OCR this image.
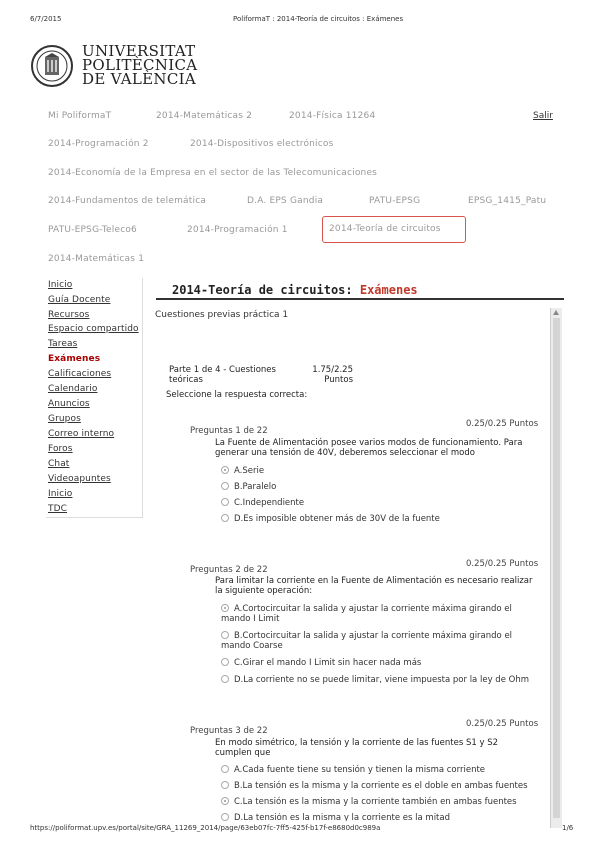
6/7/2015	PoliformaT : 2014-Teoría de circuitos : Exámenes
UNIVERSITAT
POLITÈCNICA
DE VALÈNCIA
Mi PoliformaT	2014-Matemáticas 2	2014-Física 11264	Salir
2014-Programación 2	2014-Dispositivos electrónicos
2014-Economía de la Empresa en el sector de las Telecomunicaciones
2014-Fundamentos de telemática	D.A. EPS Gandia	PATU-EPSG	EPSG_1415_Patu
PATU-EPSG-Teleco6	2014-Programación 1	2014-Teoría de circuitos
2014-Matemáticas 1
Inicio
Guía Docente
Recursos
Espacio compartido
Tareas
Exámenes
Calificaciones
Calendario
Anuncios
Grupos
Correo interno
Foros
Chat
Videoapuntes
Inicio
TDC
2014-Teoría de circuitos: Exámenes
Cuestiones previas práctica 1
Parte 1 de 4 - Cuestiones
teóricas
1.75/2.25
Puntos
Seleccione la respuesta correcta:
Preguntas 1 de 22
0.25/0.25 Puntos
La Fuente de Alimentación posee varios modos de funcionamiento. Para generar una tensión de 40V, deberemos seleccionar el modo
A.Serie
B.Paralelo
C.Independiente
D.Es imposible obtener más de 30V de la fuente
Preguntas 2 de 22
0.25/0.25 Puntos
Para limitar la corriente en la Fuente de Alimentación es necesario realizar la siguiente operación:
A.Cortocircuitar la salida y ajustar la corriente máxima girando el mando I Limit
B.Cortocircuitar la salida y ajustar la corriente máxima girando el mando Coarse
C.Girar el mando I Limit sin hacer nada más
D.La corriente no se puede limitar, viene impuesta por la ley de Ohm
Preguntas 3 de 22
0.25/0.25 Puntos
En modo simétrico, la tensión y la corriente de las fuentes S1 y S2 cumplen que
A.Cada fuente tiene su tensión y tienen la misma corriente
B.La tensión es la misma y la corriente es el doble en ambas fuentes
C.La tensión es la misma y la corriente también en ambas fuentes
D.La tensión es la misma y la corriente es la mitad
https://poliformat.upv.es/portal/site/GRA_11269_2014/page/63eb07fc-7ff5-425f-b17f-e8680d0c989a	1/6
